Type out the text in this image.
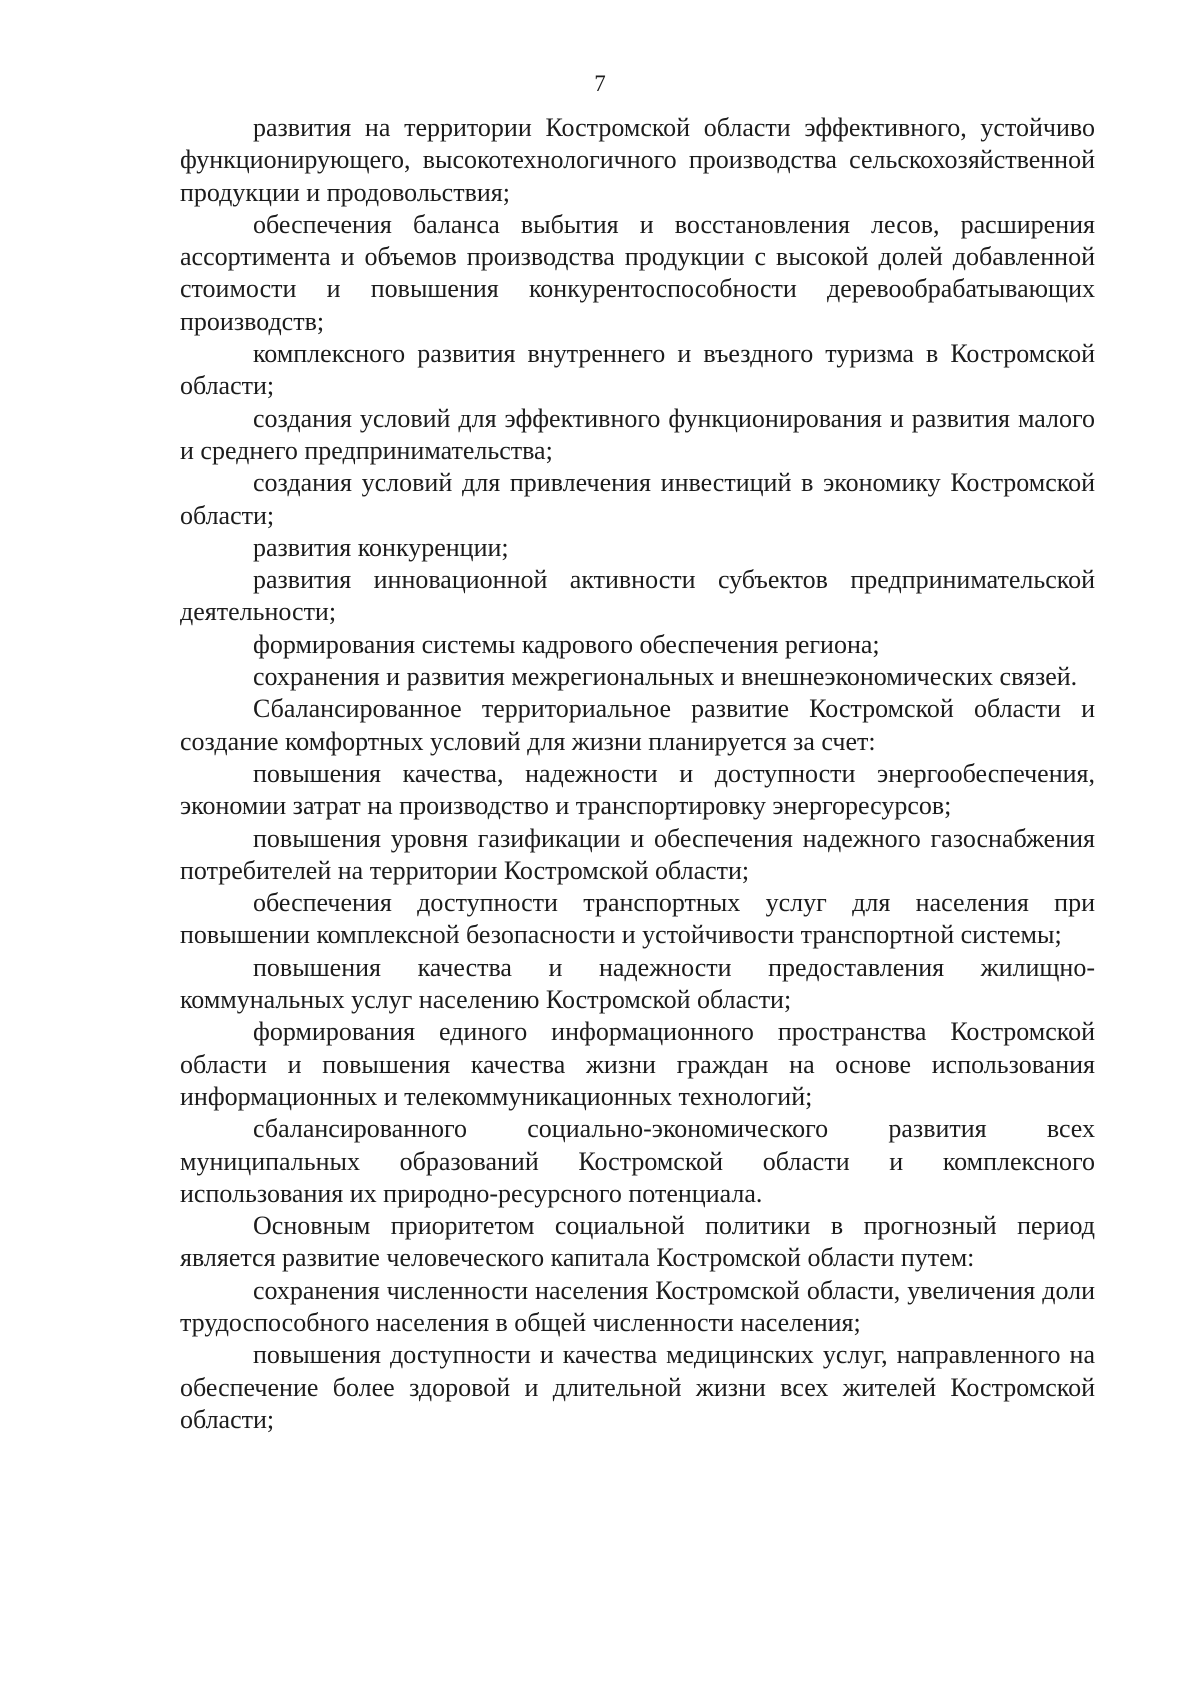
7

развития на территории Костромской области эффективного, устойчиво функционирующего, высокотехнологичного производства сельскохозяйственной продукции и продовольствия;

обеспечения баланса выбытия и восстановления лесов, расширения ассортимента и объемов производства продукции с высокой долей добавленной стоимости и повышения конкурентоспособности деревообрабатывающих производств;

комплексного развития внутреннего и въездного туризма в Костромской области;

создания условий для эффективного функционирования и развития малого и среднего предпринимательства;

создания условий для привлечения инвестиций в экономику Костромской области;

развития конкуренции;

развития инновационной активности субъектов предпринимательской деятельности;

формирования системы кадрового обеспечения региона;

сохранения и развития межрегиональных и внешнеэкономических связей.

Сбалансированное территориальное развитие Костромской области и создание комфортных условий для жизни планируется за счет:

повышения качества, надежности и доступности энергообеспечения, экономии затрат на производство и транспортировку энергоресурсов;

повышения уровня газификации и обеспечения надежного газоснабжения потребителей на территории Костромской области;

обеспечения доступности транспортных услуг для населения при повышении комплексной безопасности и устойчивости транспортной системы;

повышения качества и надежности предоставления жилищно-коммунальных услуг населению Костромской области;

формирования единого информационного пространства Костромской области и повышения качества жизни граждан на основе использования информационных и телекоммуникационных технологий;

сбалансированного социально-экономического развития всех муниципальных образований Костромской области и комплексного использования их природно-ресурсного потенциала.

Основным приоритетом социальной политики в прогнозный период является развитие человеческого капитала Костромской области путем:

сохранения численности населения Костромской области, увеличения доли трудоспособного населения в общей численности населения;

повышения доступности и качества медицинских услуг, направленного на обеспечение более здоровой и длительной жизни всех жителей Костромской области;
